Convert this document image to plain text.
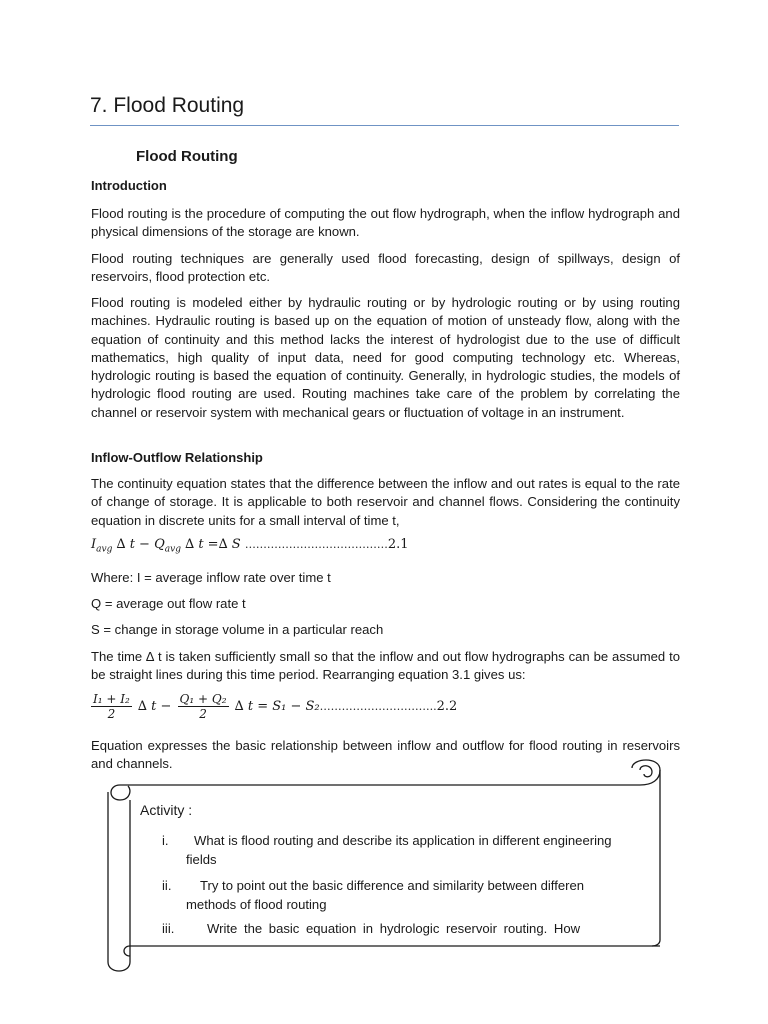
7. Flood Routing
Flood Routing
Introduction

Flood routing is the procedure of computing the out flow hydrograph, when the inflow hydrograph and physical dimensions of the storage are known.

Flood routing techniques are generally used flood forecasting, design of spillways, design of reservoirs, flood protection etc.

Flood routing is modeled either by hydraulic routing or by hydrologic routing or by using routing machines. Hydraulic routing is based up on the equation of motion of unsteady flow, along with the equation of continuity and this method lacks the interest of hydrologist due to the use of difficult mathematics, high quality of input data, need for good computing technology etc. Whereas, hydrologic routing is based the equation of continuity. Generally, in hydrologic studies, the models of hydrologic flood routing are used. Routing machines take care of the problem by correlating the channel or reservoir system with mechanical gears or fluctuation of voltage in an instrument.

Inflow-Outflow Relationship

The continuity equation states that the difference between the inflow and out rates is equal to the rate of change of storage. It is applicable to both reservoir and channel flows. Considering the continuity equation in discrete units for a small interval of time t,

$I_{avg}$ ∆ $t - Q_{avg}$ ∆ t =∆ S …………………………………2.1
Where: I = average inflow rate over time t
Q = average out flow rate t
S = change in storage volume in a particular reach

The time ∆ t is taken sufficiently small so that the inflow and out flow hydrographs can be assumed to be straight lines during this time period. Rearranging equation 3.1 gives us:

$\frac{\text{I₁ + I₂}}{2}$ ∆ $t - \frac{\text{Q₁ + Q₂}}{2}$ ∆ t = S₁ − S₂…………………………..2.2

Equation expresses the basic relationship between inflow and outflow for flood routing in reservoirs and channels.

Activity :
i. What is flood routing and describe its application in different engineering
fields
ii. Try to point out the basic difference and similarity between differen
methods of flood routing
iii. Write the basic equation in hydrologic reservoir routing. How
